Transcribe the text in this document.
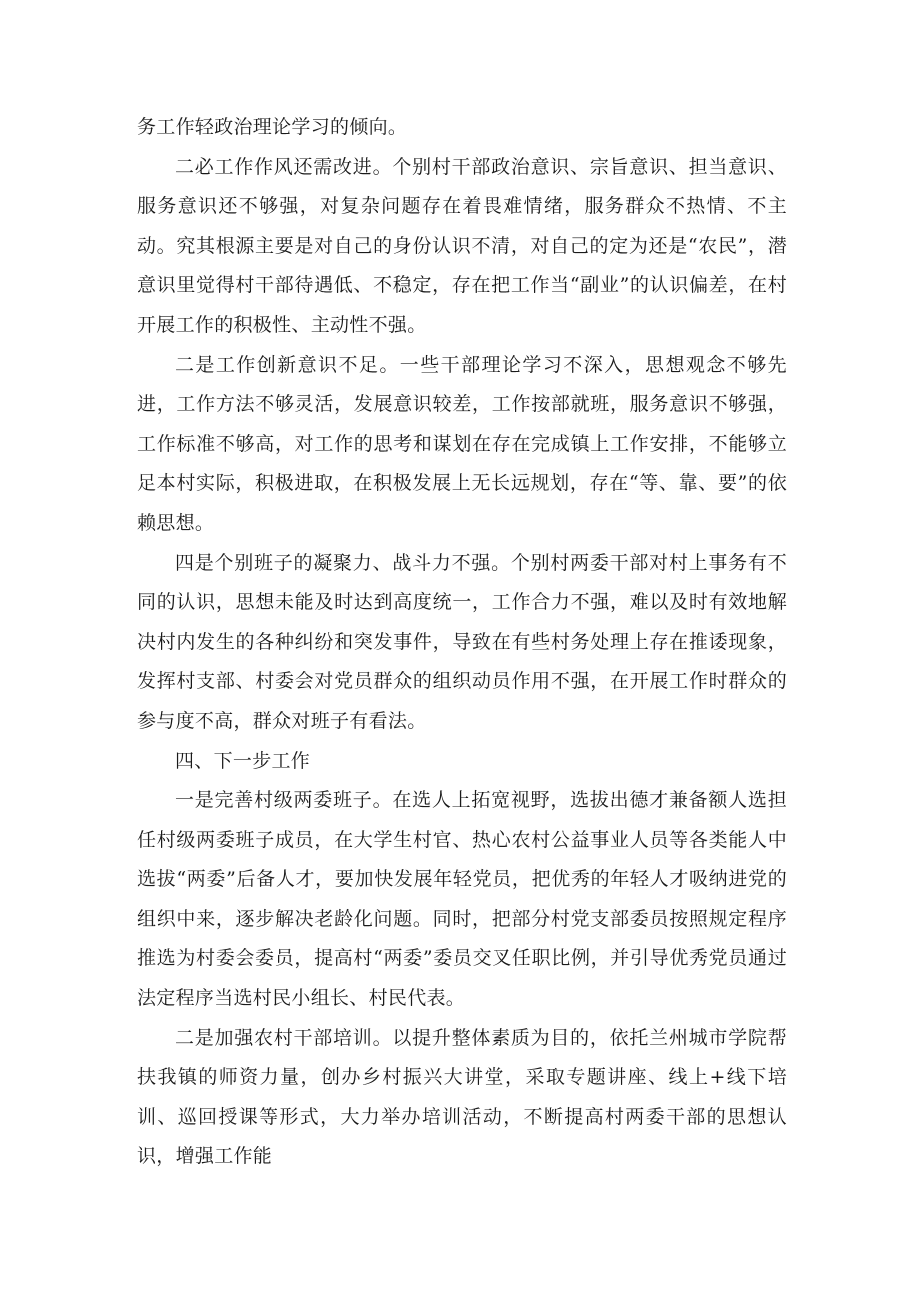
务工作轻政治理论学习的倾向。

二必工作作风还需改进。个别村干部政治意识、宗旨意识、担当意识、服务意识还不够强，对复杂问题存在着畏难情绪，服务群众不热情、不主动。究其根源主要是对自己的身份认识不清，对自己的定为还是“农民”，潜意识里觉得村干部待遇低、不稳定，存在把工作当“副业”的认识偏差，在村开展工作的积极性、主动性不强。

二是工作创新意识不足。一些干部理论学习不深入，思想观念不够先进，工作方法不够灵活，发展意识较差，工作按部就班，服务意识不够强，工作标准不够高，对工作的思考和谋划在存在完成镇上工作安排，不能够立足本村实际，积极进取，在积极发展上无长远规划，存在“等、靠、要”的依赖思想。

四是个别班子的凝聚力、战斗力不强。个别村两委干部对村上事务有不同的认识，思想未能及时达到高度统一，工作合力不强，难以及时有效地解决村内发生的各种纠纷和突发事件，导致在有些村务处理上存在推诿现象，发挥村支部、村委会对党员群众的组织动员作用不强，在开展工作时群众的参与度不高，群众对班子有看法。

四、下一步工作

一是完善村级两委班子。在选人上拓宽视野，选拔出德才兼备额人选担任村级两委班子成员，在大学生村官、热心农村公益事业人员等各类能人中选拔“两委”后备人才，要加快发展年轻党员，把优秀的年轻人才吸纳进党的组织中来，逐步解决老龄化问题。同时，把部分村党支部委员按照规定程序推选为村委会委员，提高村“两委”委员交叉任职比例，并引导优秀党员通过法定程序当选村民小组长、村民代表。

二是加强农村干部培训。以提升整体素质为目的，依托兰州城市学院帮扶我镇的师资力量，创办乡村振兴大讲堂，采取专题讲座、线上+线下培训、巡回授课等形式，大力举办培训活动，不断提高村两委干部的思想认识，增强工作能
